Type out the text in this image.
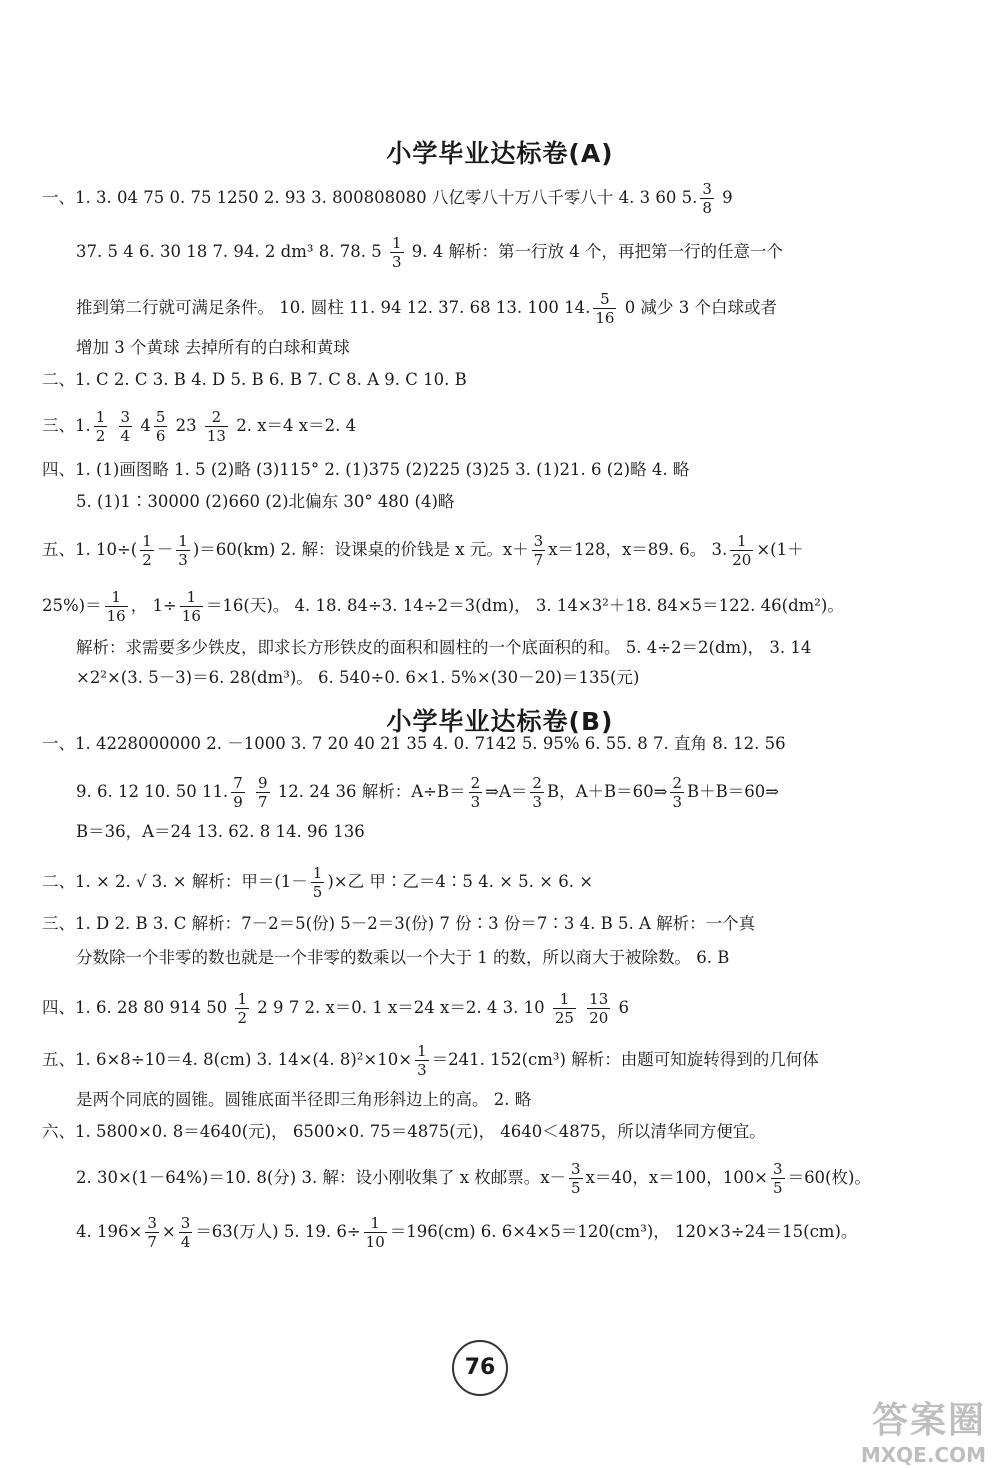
小学毕业达标卷(A)
一、1. 3. 04 75 0. 75 1250 2. 93 3. 800808080 八亿零八十万八千零八十 4. 3 60 5. $\frac{3}{8} 9$
37. 5 4 6. 30 18 7. 94. 2 dm³ 8. 78. $5 \frac{1}{3} 9$. 4 解析：第一行放 4 个，再把第一行的任意一个
推到第二行就可满足条件。 10. 圆柱 11. 94 12. 37. 68 13. 100 14. $\frac{5}{16} 0$ 减少 3 个白球或者
增加 3 个黄球 去掉所有的白球和黄球
二、1. C 2. C 3. B 4. D 5. B 6. B 7. C 8. A 9. C 10. B
三、1. $\frac{1}{2}$
$\frac{3}{4} 4 \frac{5}{6} 23 \frac{2}{13} 2$. x＝4 x＝2. 4
四、1. (1)画图略 1. 5 (2)略 (3)115° 2. (1)375 (2)225 (3)25 3. (1)21. 6 (2)略 4. 略
5. (1)1∶30000 (2)660 (2)北偏东 30° 480 (4)略
五、1. $10\div( \frac{1}{2} - \frac{1}{3} )=60(km)$ 2. 解：设课桌的价钱是 x 元。$x+ \frac{3}{7} x=128$，x＝89. 6。 3. $\frac{1}{20} \times(1+$
$25\%)= \frac{1}{16}$ ， $1\div \frac{1}{16} =16$(天)。 4. 18. 84÷3. 14÷2＝3(dm)， 3. 14×3²＋18. 84×5＝122. 46(dm²)。
解析：求需要多少铁皮，即求长方形铁皮的面积和圆柱的一个底面积的和。 5. 4÷2＝2(dm)， 3. 14
×2²×(3. 5－3)＝6. 28(dm³)。 6. 540÷0. 6×1. 5%×(30－20)＝135(元)
小学毕业达标卷(B)
一、1. 4228000000 2. －1000 3. 7 20 40 21 35 4. 0. 7142 5. 95% 6. 55. 8 7. 直角 8. 12. 56
9. 6. 12 10. 50 11. $\frac{7}{9}$
$\frac{9}{7} 12$. 24 36 解析：$A\div B= \frac{2}{3}$ ⇒A＝ $\frac{2}{3}$ B，A＋B＝60⇒ $\frac{2}{3}$ B＋B＝60⇒
B＝36，A＝24 13. 62. 8 14. 96 136
二、1. × 2. √ 3. × 解析：甲$=(1- \frac{1}{5}$ )×乙 甲∶乙＝4∶5 4. × 5. × 6. ×
三、1. D 2. B 3. C 解析：7－2＝5(份) 5－2＝3(份) 7 份∶3 份＝7∶3 4. B 5. A 解析：一个真
分数除一个非零的数也就是一个非零的数乘以一个大于 1 的数，所以商大于被除数。 6. B
四、1. 6. 28 80 914 $50 \frac{1}{2} 2$ 9 7 2. x＝0. 1 x＝24 x＝2. 4 3. $10 \frac{1}{25}$
$\frac{13}{20} 6$
五、1. 6×8÷10＝4. 8(cm) 3. 14×(4. $8)^2\times 10\times \frac{1}{3} =241$. 152(cm³) 解析：由题可知旋转得到的几何体
是两个同底的圆锥。圆锥底面半径即三角形斜边上的高。 2. 略
六、1. 5800×0. 8＝4640(元)， 6500×0. 75＝4875(元)， 4640＜4875，所以清华同方便宜。
2. 30×(1－64%)＝10. 8(分) 3. 解：设小刚收集了 x 枚邮票。$x- \frac{3}{5} x=40$，x＝100，$100\times \frac{3}{5} =60$(枚)。
4. $196\times \frac{3}{7} \times \frac{3}{4} =63$(万人) 5. 19. $6\div \frac{1}{10} =196(cm)$ 6. 6×4×5＝120(cm³)， 120×3÷24＝15(cm)。
76
答案圈
MXQE.COM
